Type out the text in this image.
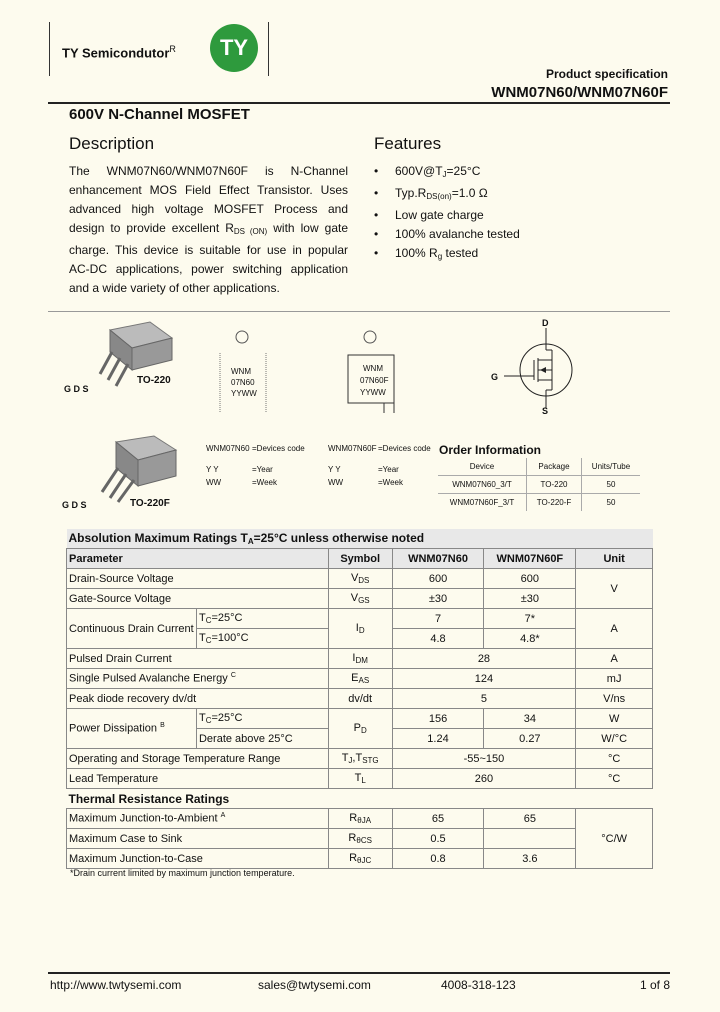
TY Semicondutor$^R$	TY
Product specification
WNM07N60/WNM07N60F
600V N-Channel MOSFET
Description
The WNM07N60/WNM07N60F is N-Channel enhancement MOS Field Effect Transistor. Uses advanced high voltage MOSFET Process and design to provide excellent $R_{DS (ON)}$ with low gate charge. This device is suitable for use in popular AC-DC applications, power switching application and a wide variety of other applications.
Features
• $600V@T_J=25^\circ C$
• $Typ.R_{DS(on)}=1.0$ Ω
• Low gate charge
• 100% avalanche tested
• 100% $R_g$ tested
G D S
TO-220
G D S	TO-220F
WNM
07N60
YYWW
WNM
07N60F
YYWW
D
G
S
WNM07N60 =Devices code
Y Y	=Year
WW	=Week
WNM07N60F =Devices code
Y Y	=Year
WW	=Week
Order Information
Device	Package	Units/Tube
WNM07N60_3/T	TO-220	50
WNM07N60F_3/T	TO-220-F	50
Absolution Maximum Ratings $T_A=25^\circ C$ unless otherwise noted					
Parameter		Symbol	WNM07N60	WNM07N60F	Unit
Drain-Source Voltage		$V_{DS}$	600	600	V
Gate-Source Voltage		$V_{GS}$	±30	±30	
Continuous Drain Current	$T_C=25^\circ C$	$I_D$	7	7*	A
	$T_C=100^\circ C$		4.8	4.8*	
Pulsed Drain Current		$I_{DM}$	28		A
Single Pulsed Avalanche Energy $^C$		$E_{AS}$	124		mJ
Peak diode recovery dv/dt		dv/dt	5		V/ns
Power Dissipation $^B$	$T_C=25^\circ C$	$P_D$	156	34	W
	Derate above 25°C		1.24	0.27	W/°C
Operating and Storage Temperature Range		$T_J,T_{STG}$	-55~150		°C
Lead Temperature		$T_L$	260		°C
Thermal Resistance Ratings					
Maximum Junction-to-Ambient $^A$		$R_{\theta JA}$	65	65	°C/W
Maximum Case to Sink		$R_{\theta CS}$	0.5		
Maximum Junction-to-Case		$R_{\theta JC}$	0.8	3.6	
*Drain current limited by maximum junction temperature.
http://www.twtysemi.com	sales@twtysemi.com	4008-318-123	1 of 8
